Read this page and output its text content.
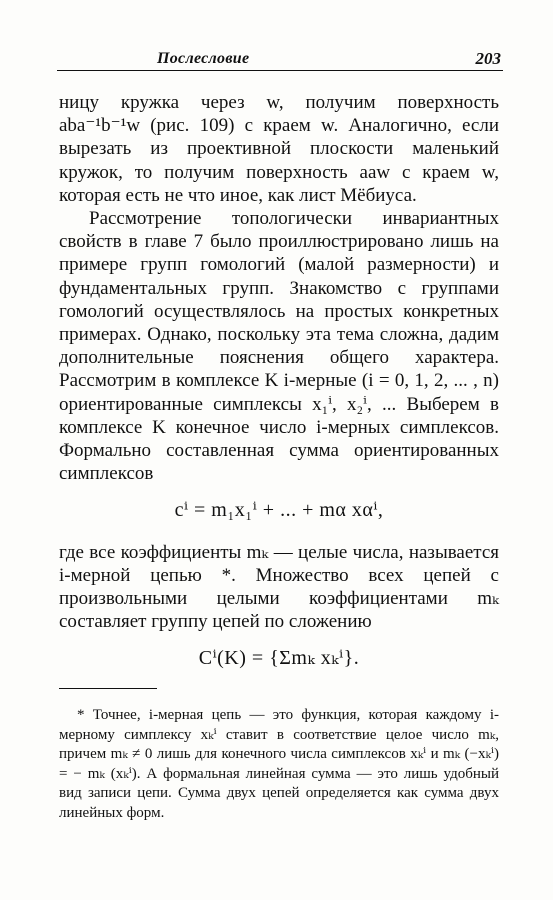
Послесловие	203

ницу кружка через w, получим поверхность aba⁻¹b⁻¹w (рис. 109) с краем w. Аналогично, если вырезать из проективной плоскости маленький кружок, то получим поверхность aaw с краем w, которая есть не что иное, как лист Мёбиуса.

Рассмотрение топологически инвариантных свойств в главе 7 было проиллюстрировано лишь на примере групп гомологий (малой размерности) и фундаментальных групп. Знакомство с группами гомологий осуществлялось на простых конкретных примерах. Однако, поскольку эта тема сложна, дадим дополнительные пояснения общего характера. Рассмотрим в комплексе K i-мерные (i = 0, 1, 2, ... , n) ориентированные симплексы x₁ⁱ, x₂ⁱ, ... Выберем в комплексе K конечное число i-мерных симплексов. Формально составленная сумма ориентированных симплексов

cⁱ = m₁x₁ⁱ + ... + mα xαⁱ,

где все коэффициенты mₖ — целые числа, называется i-мерной цепью *. Множество всех цепей с произвольными целыми коэффициентами mₖ составляет группу цепей по сложению

Cⁱ(K) = {Σmₖ xₖⁱ}.

* Точнее, i-мерная цепь — это функция, которая каждому i-мерному симплексу xₖⁱ ставит в соответствие целое число mₖ, причем mₖ ≠ 0 лишь для конечного числа симплексов xₖⁱ и mₖ (−xₖⁱ) = − mₖ (xₖⁱ). А формальная линейная сумма — это лишь удобный вид записи цепи. Сумма двух цепей определяется как сумма двух линейных форм.
